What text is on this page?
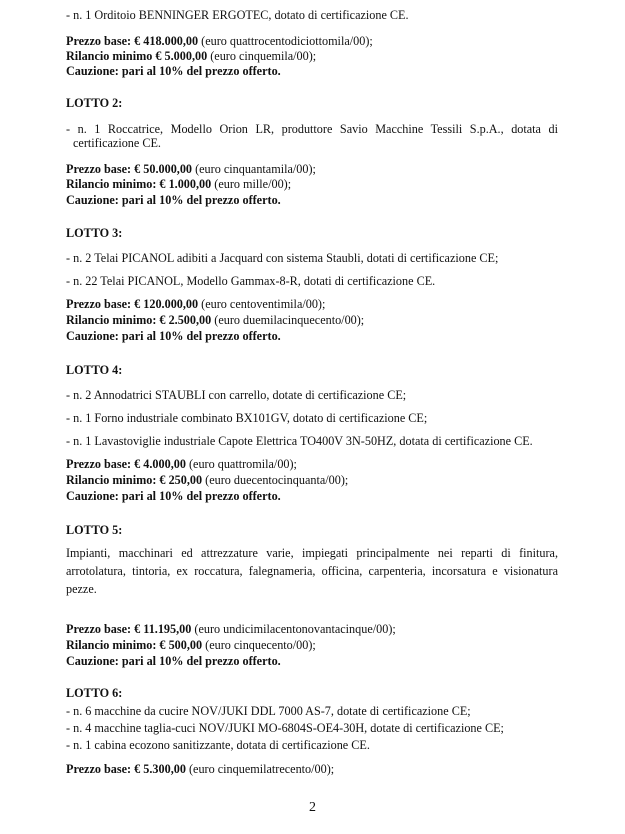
- n. 1 Orditoio BENNINGER ERGOTEC, dotato di certificazione CE.
Prezzo base: € 418.000,00 (euro quattrocentodiciottomila/00);
Rilancio minimo € 5.000,00 (euro cinquemila/00);
Cauzione: pari al 10% del prezzo offerto.
LOTTO 2:
- n. 1 Roccatrice, Modello Orion LR, produttore Savio Macchine Tessili S.p.A., dotata di
certificazione CE.
Prezzo base: € 50.000,00 (euro cinquantamila/00);
Rilancio minimo: € 1.000,00 (euro mille/00);
Cauzione: pari al 10% del prezzo offerto.
LOTTO 3:
- n. 2 Telai PICANOL adibiti a Jacquard con sistema Staubli, dotati di certificazione CE;
- n. 22 Telai PICANOL, Modello Gammax-8-R, dotati di certificazione CE.
Prezzo base: € 120.000,00 (euro centoventimila/00);
Rilancio minimo: € 2.500,00 (euro duemilacinquecento/00);
Cauzione: pari al 10% del prezzo offerto.
LOTTO 4:
- n. 2 Annodatrici STAUBLI con carrello, dotate di certificazione CE;
- n. 1 Forno industriale combinato BX101GV, dotato di certificazione CE;
- n. 1 Lavastoviglie industriale Capote Elettrica TO400V 3N-50HZ, dotata di certificazione CE.
Prezzo base: € 4.000,00 (euro quattromila/00);
Rilancio minimo: € 250,00 (euro duecentocinquanta/00);
Cauzione: pari al 10% del prezzo offerto.
LOTTO 5:
Impianti, macchinari ed attrezzature varie, impiegati principalmente nei reparti di finitura,
arrotolatura, tintoria, ex roccatura, falegnameria, officina, carpenteria, incorsatura e visionatura
pezze.
Prezzo base: € 11.195,00 (euro undicimilacentonovantacinque/00);
Rilancio minimo: € 500,00 (euro cinquecento/00);
Cauzione: pari al 10% del prezzo offerto.
LOTTO 6:
- n. 6 macchine da cucire NOV/JUKI DDL 7000 AS-7, dotate di certificazione CE;
- n. 4 macchine taglia-cuci NOV/JUKI MO-6804S-OE4-30H, dotate di certificazione CE;
- n. 1 cabina ecozono sanitizzante, dotata di certificazione CE.
Prezzo base: € 5.300,00 (euro cinquemilatrecento/00);
2
